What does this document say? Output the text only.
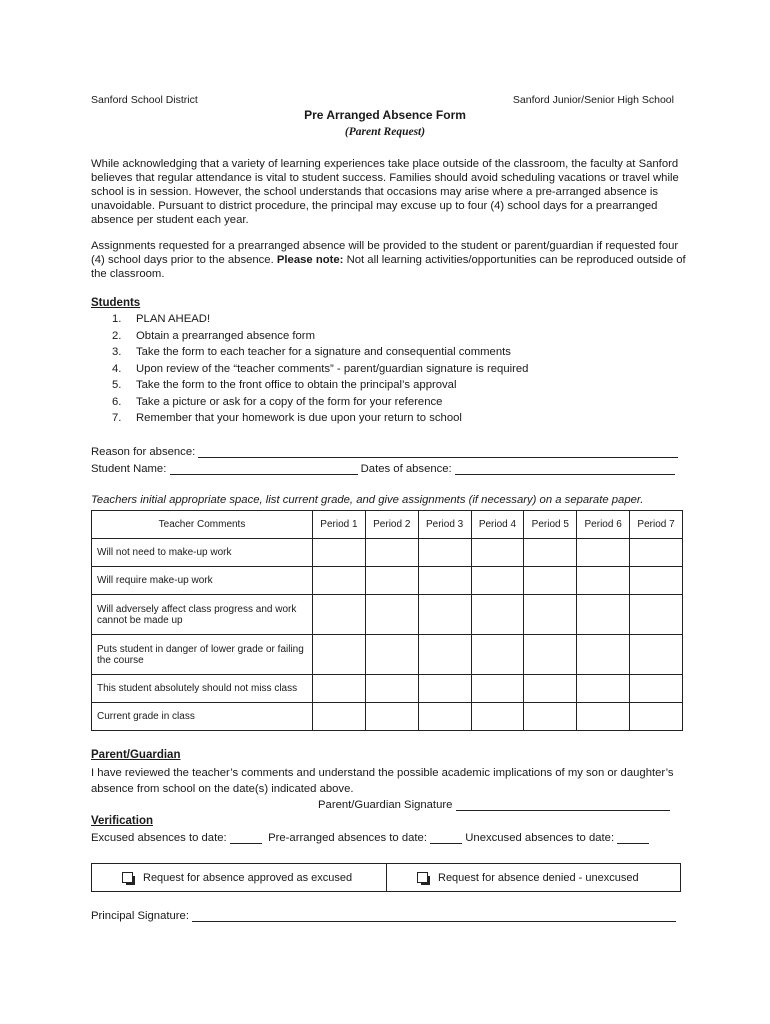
Sanford School District	Sanford Junior/Senior High School
Pre Arranged Absence Form
(Parent Request)
While acknowledging that a variety of learning experiences take place outside of the classroom, the faculty at Sanford believes that regular attendance is vital to student success. Families should avoid scheduling vacations or travel while school is in session. However, the school understands that occasions may arise where a pre-arranged absence is unavoidable. Pursuant to district procedure, the principal may excuse up to four (4) school days for a prearranged absence per student each year.
Assignments requested for a prearranged absence will be provided to the student or parent/guardian if requested four (4) school days prior to the absence. Please note: Not all learning activities/opportunities can be reproduced outside of the classroom.
Students
1. PLAN AHEAD!
2. Obtain a prearranged absence form
3. Take the form to each teacher for a signature and consequential comments
4. Upon review of the “teacher comments” - parent/guardian signature is required
5. Take the form to the front office to obtain the principal’s approval
6. Take a picture or ask for a copy of the form for your reference
7. Remember that your homework is due upon your return to school
Reason for absence:
Student Name:	Dates of absence:
Teachers initial appropriate space, list current grade, and give assignments (if necessary) on a separate paper.
Teacher Comments	Period 1	Period 2	Period 3	Period 4	Period 5	Period 6	Period 7
Will not need to make-up work							
Will require make-up work							
Will adversely affect class progress and work cannot be made up							
Puts student in danger of lower grade or failing the course							
This student absolutely should not miss class							
Current grade in class							
Parent/Guardian
I have reviewed the teacher’s comments and understand the possible academic implications of my son or daughter’s absence from school on the date(s) indicated above.
Parent/Guardian Signature
Verification
Excused absences to date:	Pre-arranged absences to date:	Unexcused absences to date:
Request for absence approved as excused	Request for absence denied - unexcused
Principal Signature:
